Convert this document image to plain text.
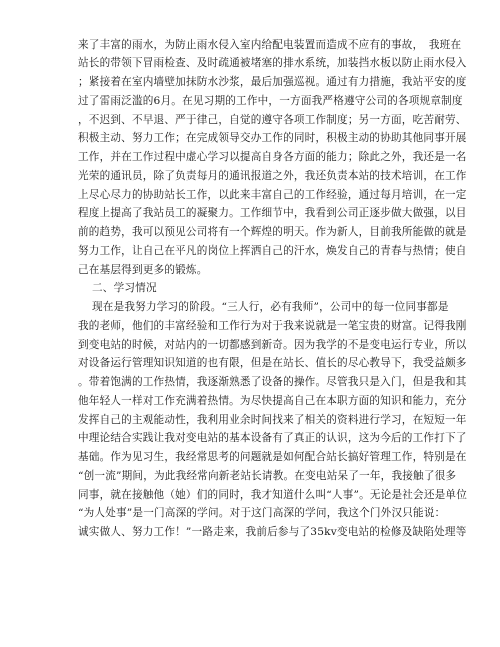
来了丰富的雨水，为防止雨水侵入室内给配电装置而造成不应有的事故，　我班在
站长的带领下冒雨检查、及时疏通被堵塞的排水系统，加装挡水板以防止雨水侵入
；紧接着在室内墙壁加抹防水沙浆，最后加强巡视。通过有力措施，我站平安的度
过了雷雨泛滥的6月。在见习期的工作中，一方面我严格遵守公司的各项规章制度
，不迟到、不早退、严于律己，自觉的遵守各项工作制度；另一方面，吃苦耐劳、
积极主动、努力工作；在完成领导交办工作的同时，积极主动的协助其他同事开展
工作，并在工作过程中虚心学习以提高自身各方面的能力；除此之外，我还是一名
光荣的通讯员，除了负责每月的通讯报道之外，我还负责本站的技术培训，在工作
上尽心尽力的协助站长工作，以此来丰富自己的工作经验，通过每月培训，在一定
程度上提高了我站员工的凝聚力。工作细节中，我看到公司正逐步做大做强，以目
前的趋势，我可以预见公司将有一个辉煌的明天。作为新人，目前我所能做的就是
努力工作，让自己在平凡的岗位上挥洒自己的汗水，焕发自己的青春与热情；使自
己在基层得到更多的锻炼。
二、学习情况
现在是我努力学习的阶段。“三人行，必有我师”，公司中的每一位同事都是
我的老师，他们的丰富经验和工作行为对于我来说就是一笔宝贵的财富。记得我刚
到变电站的时候，对站内的一切都感到新奇。因为我学的不是变电运行专业，所以
对设备运行管理知识知道的也有限，但是在站长、值长的尽心教导下，我受益颇多
。带着饱满的工作热情，我逐渐熟悉了设备的操作。尽管我只是入门，但是我和其
他年轻人一样对工作充满着热情。为尽快提高自己在本职方面的知识和能力，充分
发挥自己的主观能动性，我利用业余时间找来了相关的资料进行学习，在短短一年
中理论结合实践让我对变电站的基本设备有了真正的认识，这为今后的工作打下了
基础。作为见习生，我经常思考的问题就是如何配合站长搞好管理工作，特别是在
“创一流”期间，为此我经常向新老站长请教。在变电站呆了一年，我接触了很多
同事，就在接触他（她）们的同时，我才知道什么叫“人事”。无论是社会还是单位
“为人处事”是一门高深的学问。对于这门高深的学问，我这个门外汉只能说：
诚实做人、努力工作！”一路走来，我前后参与了35kv变电站的检修及缺陷处理等
